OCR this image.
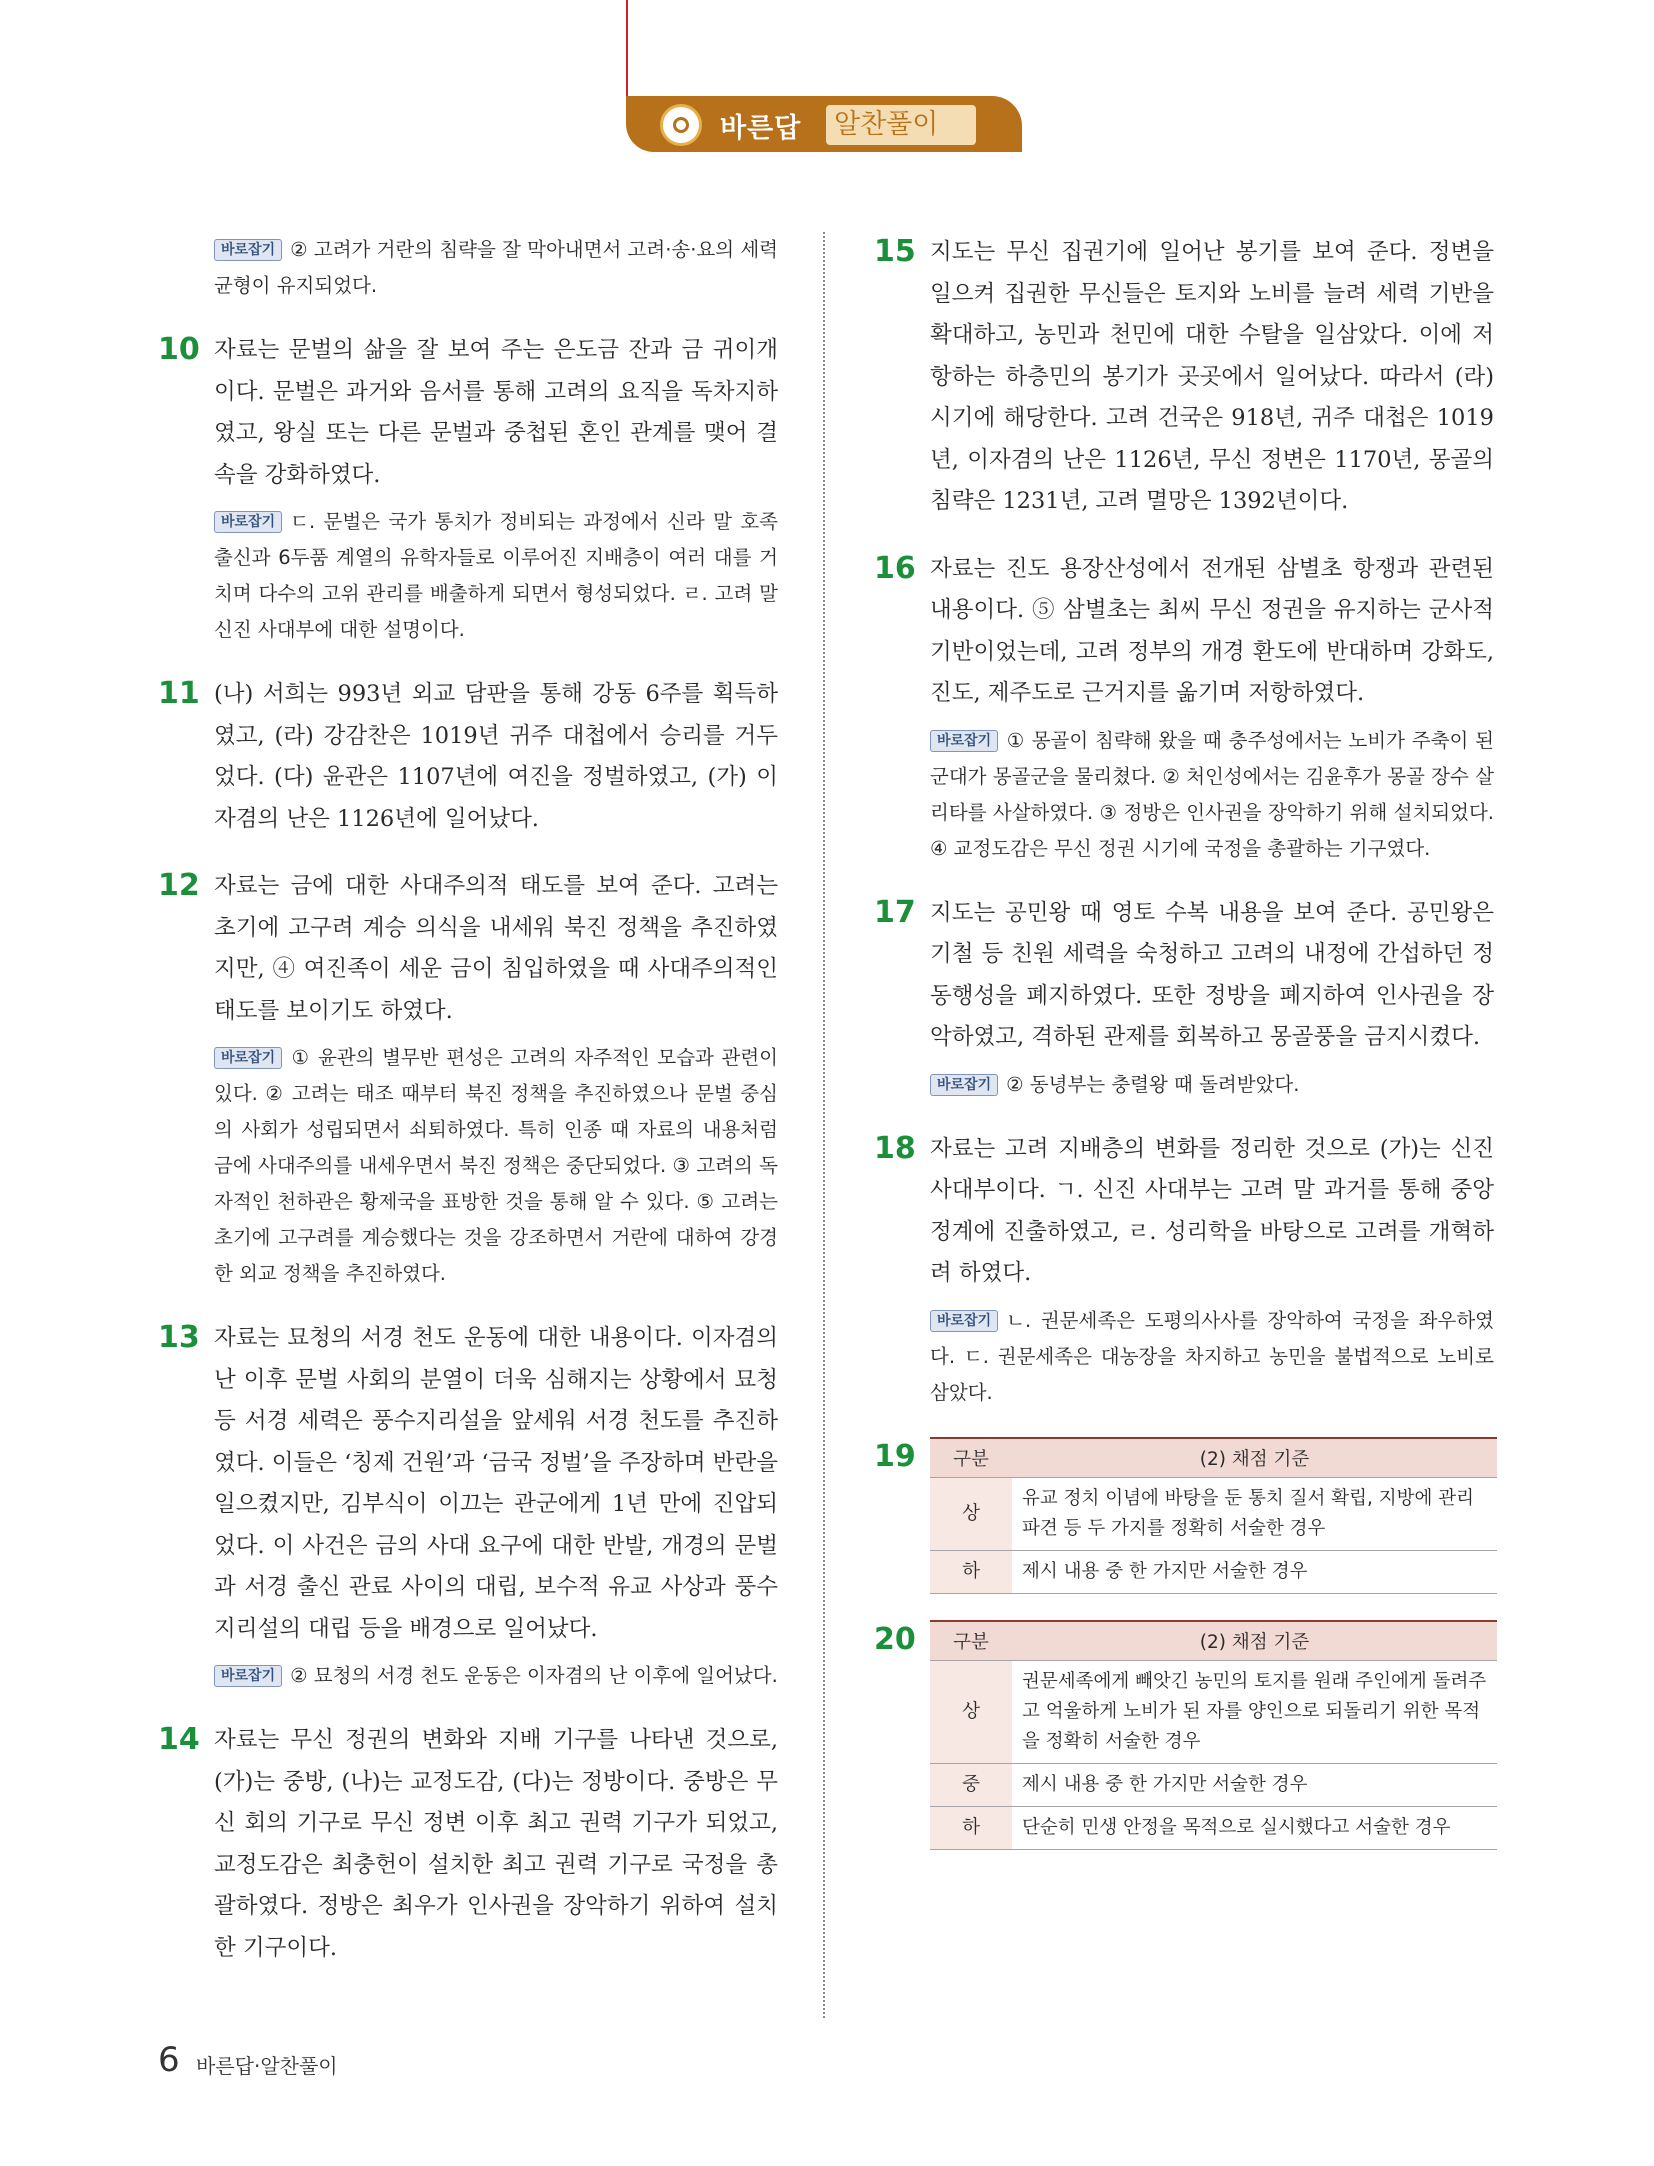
바른답 알찬풀이
바로잡기 ② 고려가 거란의 침략을 잘 막아내면서 고려·송·요의 세력 균형이 유지되었다.
10 자료는 문벌의 삶을 잘 보여 주는 은도금 잔과 금 귀이개이다. 문벌은 과거와 음서를 통해 고려의 요직을 독차지하였고, 왕실 또는 다른 문벌과 중첩된 혼인 관계를 맺어 결속을 강화하였다.
바로잡기 ㄷ. 문벌은 국가 통치가 정비되는 과정에서 신라 말 호족 출신과 6두품 계열의 유학자들로 이루어진 지배층이 여러 대를 거치며 다수의 고위 관리를 배출하게 되면서 형성되었다. ㄹ. 고려 말 신진 사대부에 대한 설명이다.
11 (나) 서희는 993년 외교 담판을 통해 강동 6주를 획득하였고, (라) 강감찬은 1019년 귀주 대첩에서 승리를 거두었다. (다) 윤관은 1107년에 여진을 정벌하였고, (가) 이자겸의 난은 1126년에 일어났다.
12 자료는 금에 대한 사대주의적 태도를 보여 준다. 고려는 초기에 고구려 계승 의식을 내세워 북진 정책을 추진하였지만, ④ 여진족이 세운 금이 침입하였을 때 사대주의적인 태도를 보이기도 하였다.
바로잡기 ① 윤관의 별무반 편성은 고려의 자주적인 모습과 관련이 있다. ② 고려는 태조 때부터 북진 정책을 추진하였으나 문벌 중심의 사회가 성립되면서 쇠퇴하였다. 특히 인종 때 자료의 내용처럼 금에 사대주의를 내세우면서 북진 정책은 중단되었다. ③ 고려의 독자적인 천하관은 황제국을 표방한 것을 통해 알 수 있다. ⑤ 고려는 초기에 고구려를 계승했다는 것을 강조하면서 거란에 대하여 강경한 외교 정책을 추진하였다.
13 자료는 묘청의 서경 천도 운동에 대한 내용이다. 이자겸의 난 이후 문벌 사회의 분열이 더욱 심해지는 상황에서 묘청 등 서경 세력은 풍수지리설을 앞세워 서경 천도를 추진하였다. 이들은 ‘칭제 건원’과 ‘금국 정벌’을 주장하며 반란을 일으켰지만, 김부식이 이끄는 관군에게 1년 만에 진압되었다. 이 사건은 금의 사대 요구에 대한 반발, 개경의 문벌과 서경 출신 관료 사이의 대립, 보수적 유교 사상과 풍수지리설의 대립 등을 배경으로 일어났다.
바로잡기 ② 묘청의 서경 천도 운동은 이자겸의 난 이후에 일어났다.
14 자료는 무신 정권의 변화와 지배 기구를 나타낸 것으로, (가)는 중방, (나)는 교정도감, (다)는 정방이다. 중방은 무신 회의 기구로 무신 정변 이후 최고 권력 기구가 되었고, 교정도감은 최충헌이 설치한 최고 권력 기구로 국정을 총괄하였다. 정방은 최우가 인사권을 장악하기 위하여 설치한 기구이다.
15 지도는 무신 집권기에 일어난 봉기를 보여 준다. 정변을 일으켜 집권한 무신들은 토지와 노비를 늘려 세력 기반을 확대하고, 농민과 천민에 대한 수탈을 일삼았다. 이에 저항하는 하층민의 봉기가 곳곳에서 일어났다. 따라서 (라) 시기에 해당한다. 고려 건국은 918년, 귀주 대첩은 1019년, 이자겸의 난은 1126년, 무신 정변은 1170년, 몽골의 침략은 1231년, 고려 멸망은 1392년이다.
16 자료는 진도 용장산성에서 전개된 삼별초 항쟁과 관련된 내용이다. ⑤ 삼별초는 최씨 무신 정권을 유지하는 군사적 기반이었는데, 고려 정부의 개경 환도에 반대하며 강화도, 진도, 제주도로 근거지를 옮기며 저항하였다.
바로잡기 ① 몽골이 침략해 왔을 때 충주성에서는 노비가 주축이 된 군대가 몽골군을 물리쳤다. ② 처인성에서는 김윤후가 몽골 장수 살리타를 사살하였다. ③ 정방은 인사권을 장악하기 위해 설치되었다. ④ 교정도감은 무신 정권 시기에 국정을 총괄하는 기구였다.
17 지도는 공민왕 때 영토 수복 내용을 보여 준다. 공민왕은 기철 등 친원 세력을 숙청하고 고려의 내정에 간섭하던 정동행성을 폐지하였다. 또한 정방을 폐지하여 인사권을 장악하였고, 격하된 관제를 회복하고 몽골풍을 금지시켰다.
바로잡기 ② 동녕부는 충렬왕 때 돌려받았다.
18 자료는 고려 지배층의 변화를 정리한 것으로 (가)는 신진 사대부이다. ㄱ. 신진 사대부는 고려 말 과거를 통해 중앙 정계에 진출하였고, ㄹ. 성리학을 바탕으로 고려를 개혁하려 하였다.
바로잡기 ㄴ. 권문세족은 도평의사사를 장악하여 국정을 좌우하였다. ㄷ. 권문세족은 대농장을 차지하고 농민을 불법적으로 노비로 삼았다.
19 구분	(2) 채점 기준
상	유교 정치 이념에 바탕을 둔 통치 질서 확립, 지방에 관리 파견 등 두 가지를 정확히 서술한 경우
하	제시 내용 중 한 가지만 서술한 경우
20 구분	(2) 채점 기준
상	권문세족에게 빼앗긴 농민의 토지를 원래 주인에게 돌려주고 억울하게 노비가 된 자를 양인으로 되돌리기 위한 목적을 정확히 서술한 경우
중	제시 내용 중 한 가지만 서술한 경우
하	단순히 민생 안정을 목적으로 실시했다고 서술한 경우
6 바른답·알찬풀이
